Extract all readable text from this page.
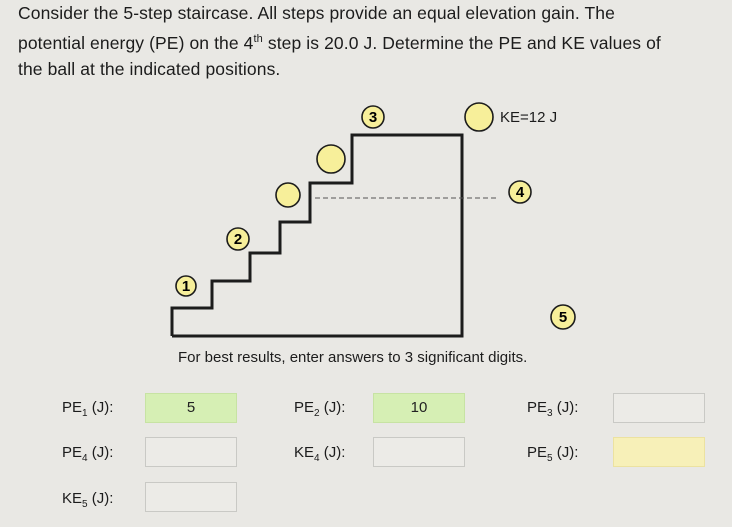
Consider the 5-step staircase. All steps provide an equal elevation gain. The
potential energy (PE) on the 4th step is 20.0 J. Determine the PE and KE values of
the ball at the indicated positions.
1
2
3	KE=12 J
4
5
For best results, enter answers to 3 significant digits.
$PE_1$ (J):	5	$PE_2$ (J):	10	$PE_3$ (J):
$PE_4$ (J):	$KE_4$ (J):	$PE_5$ (J):
$KE_5$ (J):
